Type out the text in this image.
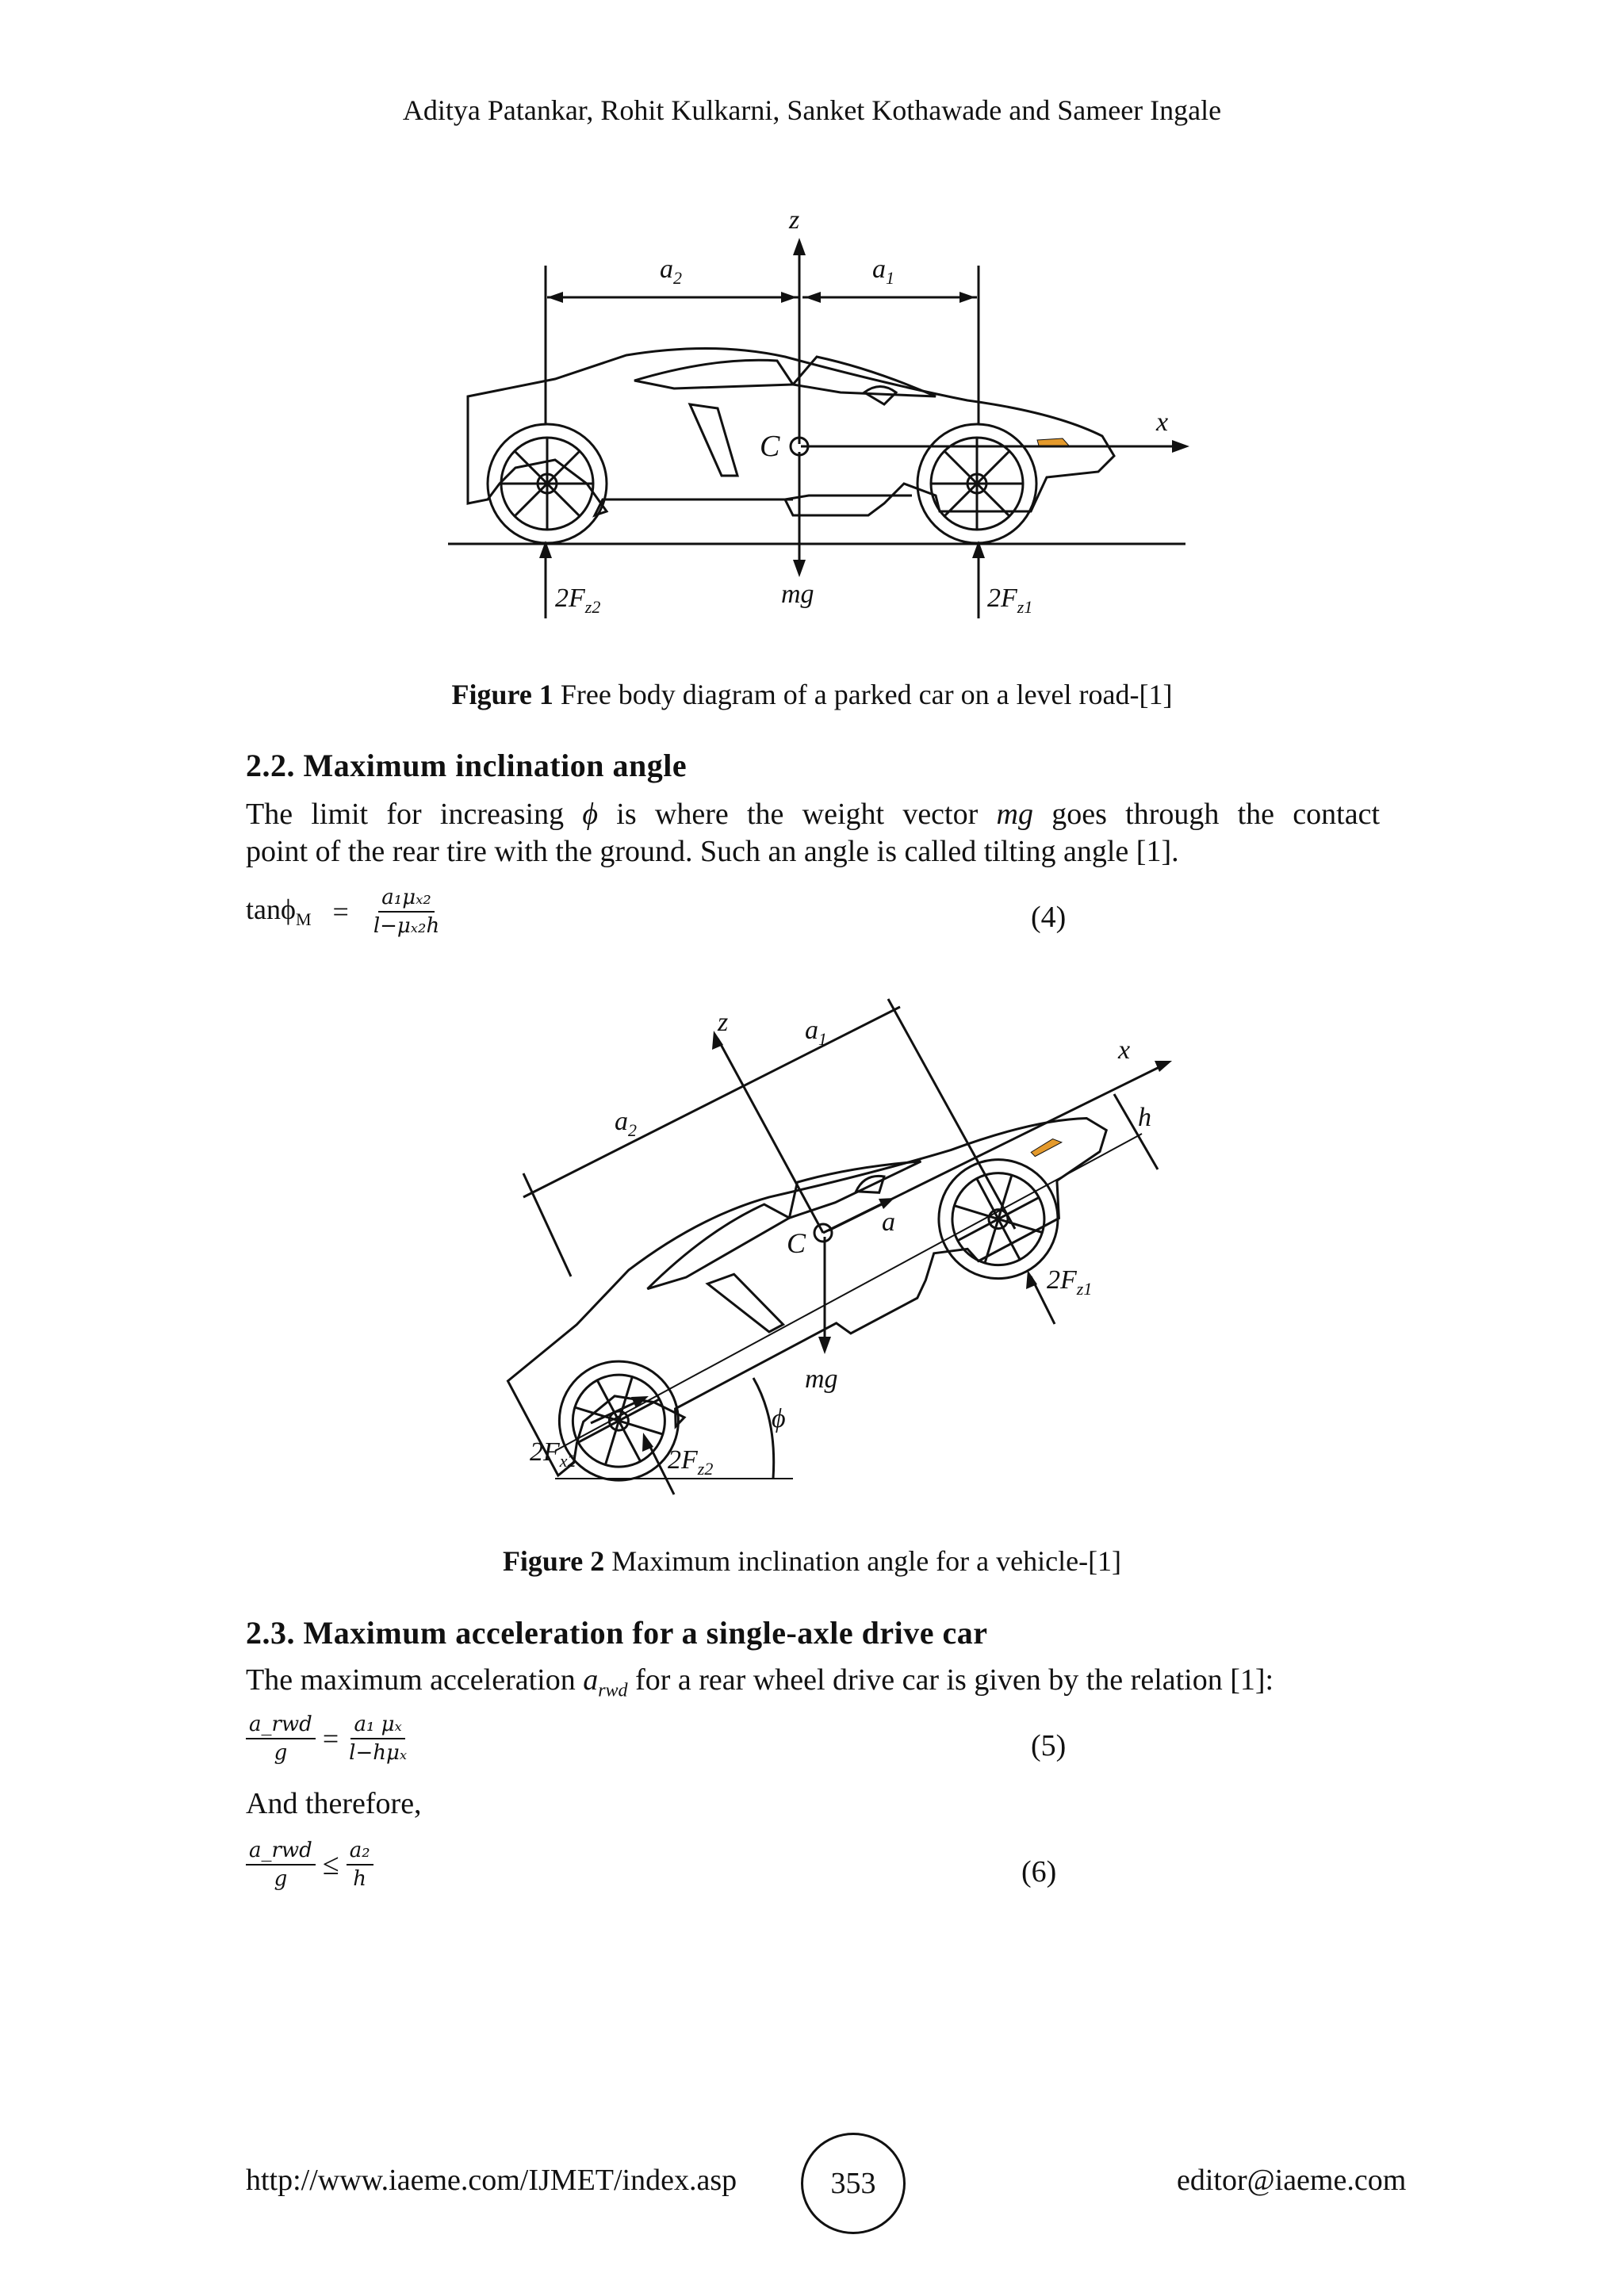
Aditya Patankar, Rohit Kulkarni, Sanket Kothawade and Sameer Ingale
z
x
$a_2$	$a_1$
C
mg
$2F_{z2}$	$2F_{z1}$
Figure 1 Free body diagram of a parked car on a level road-[1]
2.2. Maximum inclination angle
The limit for increasing ϕ is where the weight vector mg goes through the contact
point of the rear tire with the ground. Such an angle is called tilting angle [1].
$\tan\phi_M = \frac{\text{a₁μₓ₂}}{\text{l−μₓ₂h}}$	(4)
z
x
$a_1$
$a_2$	h
C
a
mg
ϕ
$2F_{z1}$
$2F_{x2}$	$2F_{z2}$
Figure 2 Maximum inclination angle for a vehicle-[1]
2.3. Maximum acceleration for a single-axle drive car
The maximum acceleration $a_{rwd}$ for a rear wheel drive car is given by the relation [1]:
$\frac{\text{a\_rwd}}{g} = \frac{\text{a₁ μₓ}}{\text{l−hμₓ}}$	(5)
And therefore,
$\frac{\text{a\_rwd}}{g} \le \frac{\text{a₂}}{h}$	(6)
http://www.iaeme.com/IJMET/index.asp	353	editor@iaeme.com
